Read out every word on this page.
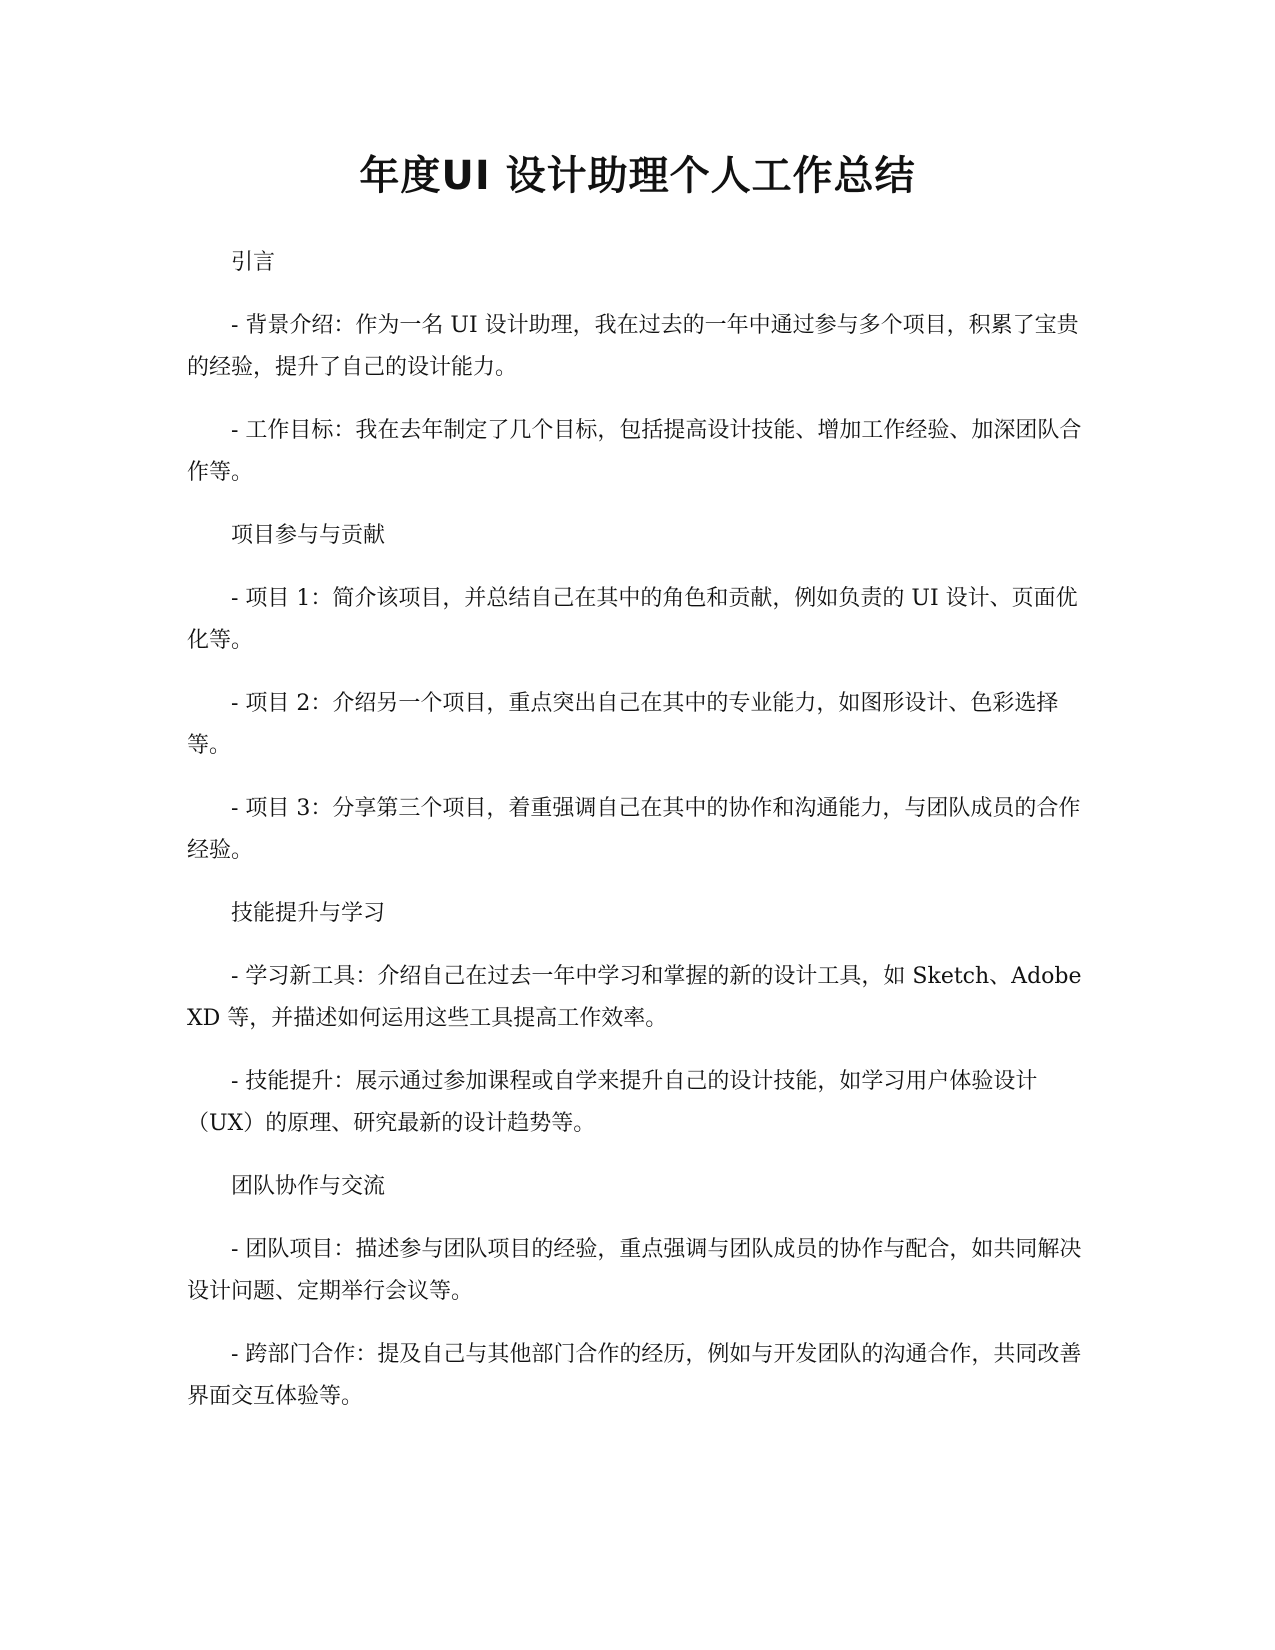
年度UI 设计助理个人工作总结

引言

- 背景介绍：作为一名 UI 设计助理，我在过去的一年中通过参与多个项目，积累了宝贵的经验，提升了自己的设计能力。

- 工作目标：我在去年制定了几个目标，包括提高设计技能、增加工作经验、加深团队合作等。

项目参与与贡献

- 项目 1：简介该项目，并总结自己在其中的角色和贡献，例如负责的 UI 设计、页面优化等。

- 项目 2：介绍另一个项目，重点突出自己在其中的专业能力，如图形设计、色彩选择等。

- 项目 3：分享第三个项目，着重强调自己在其中的协作和沟通能力，与团队成员的合作经验。

技能提升与学习

- 学习新工具：介绍自己在过去一年中学习和掌握的新的设计工具，如 Sketch、Adobe XD 等，并描述如何运用这些工具提高工作效率。

- 技能提升：展示通过参加课程或自学来提升自己的设计技能，如学习用户体验设计（UX）的原理、研究最新的设计趋势等。

团队协作与交流

- 团队项目：描述参与团队项目的经验，重点强调与团队成员的协作与配合，如共同解决设计问题、定期举行会议等。

- 跨部门合作：提及自己与其他部门合作的经历，例如与开发团队的沟通合作，共同改善界面交互体验等。
